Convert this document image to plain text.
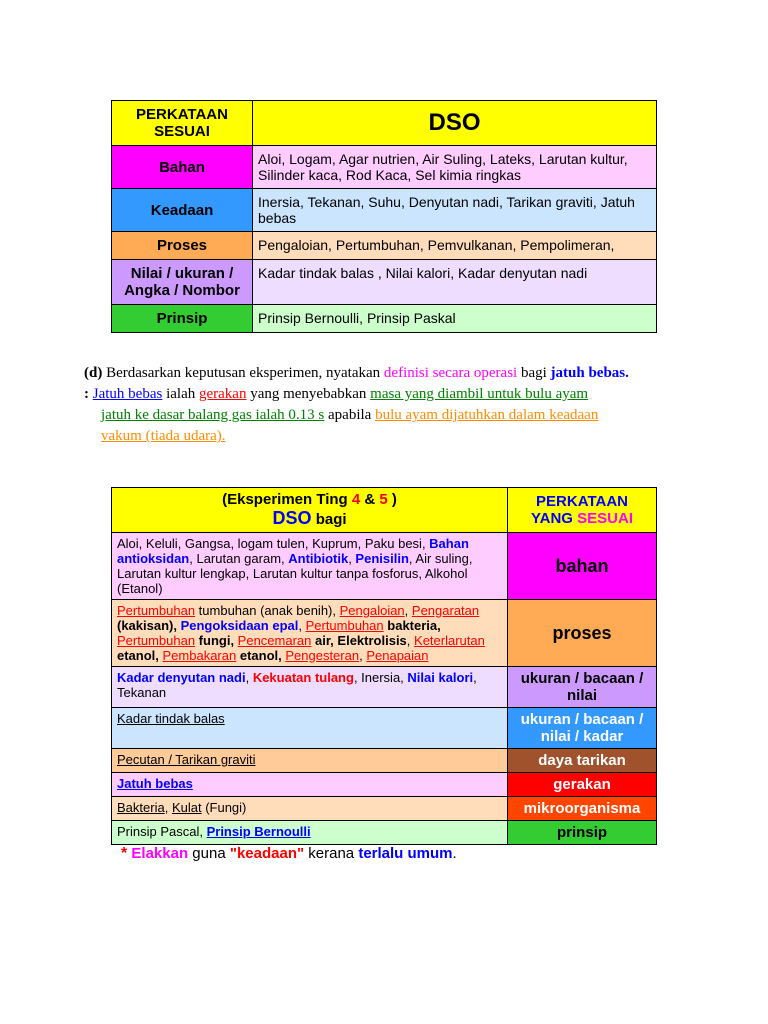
PERKATAAN SESUAI	DSO
Bahan	Aloi, Logam, Agar nutrien, Air Suling, Lateks, Larutan kultur, Silinder kaca, Rod Kaca, Sel kimia ringkas
Keadaan	Inersia, Tekanan, Suhu, Denyutan nadi, Tarikan graviti, Jatuh bebas
Proses	Pengaloian, Pertumbuhan, Pemvulkanan, Pempolimeran,
Nilai / ukuran / Angka / Nombor	Kadar tindak balas , Nilai kalori, Kadar denyutan nadi
Prinsip	Prinsip Bernoulli, Prinsip Paskal
(d) Berdasarkan keputusan eksperimen, nyatakan definisi secara operasi bagi jatuh bebas.
: Jatuh bebas ialah gerakan yang menyebabkan masa yang diambil untuk bulu ayam
jatuh ke dasar balang gas ialah 0.13 s apabila bulu ayam dijatuhkan dalam keadaan
vakum (tiada udara).
(Eksperimen Ting 4 & 5 )
DSO bagi	PERKATAAN
YANG SESUAI
Aloi, Keluli, Gangsa, logam tulen, Kuprum, Paku besi, Bahan antioksidan, Larutan garam, Antibiotik, Penisilin, Air suling, Larutan kultur lengkap, Larutan kultur tanpa fosforus, Alkohol (Etanol)	bahan
Pertumbuhan tumbuhan (anak benih), Pengaloian, Pengaratan (kakisan), Pengoksidaan epal, Pertumbuhan bakteria, Pertumbuhan fungi, Pencemaran air, Elektrolisis, Keterlarutan etanol, Pembakaran etanol, Pengesteran, Penapaian	proses
Kadar denyutan nadi, Kekuatan tulang, Inersia, Nilai kalori, Tekanan	ukuran / bacaan / nilai
Kadar tindak balas	ukuran / bacaan / nilai / kadar
Pecutan / Tarikan graviti	daya tarikan
Jatuh bebas	gerakan
Bakteria, Kulat (Fungi)	mikroorganisma
Prinsip Pascal, Prinsip Bernoulli	prinsip
* Elakkan guna "keadaan" kerana terlalu umum.
